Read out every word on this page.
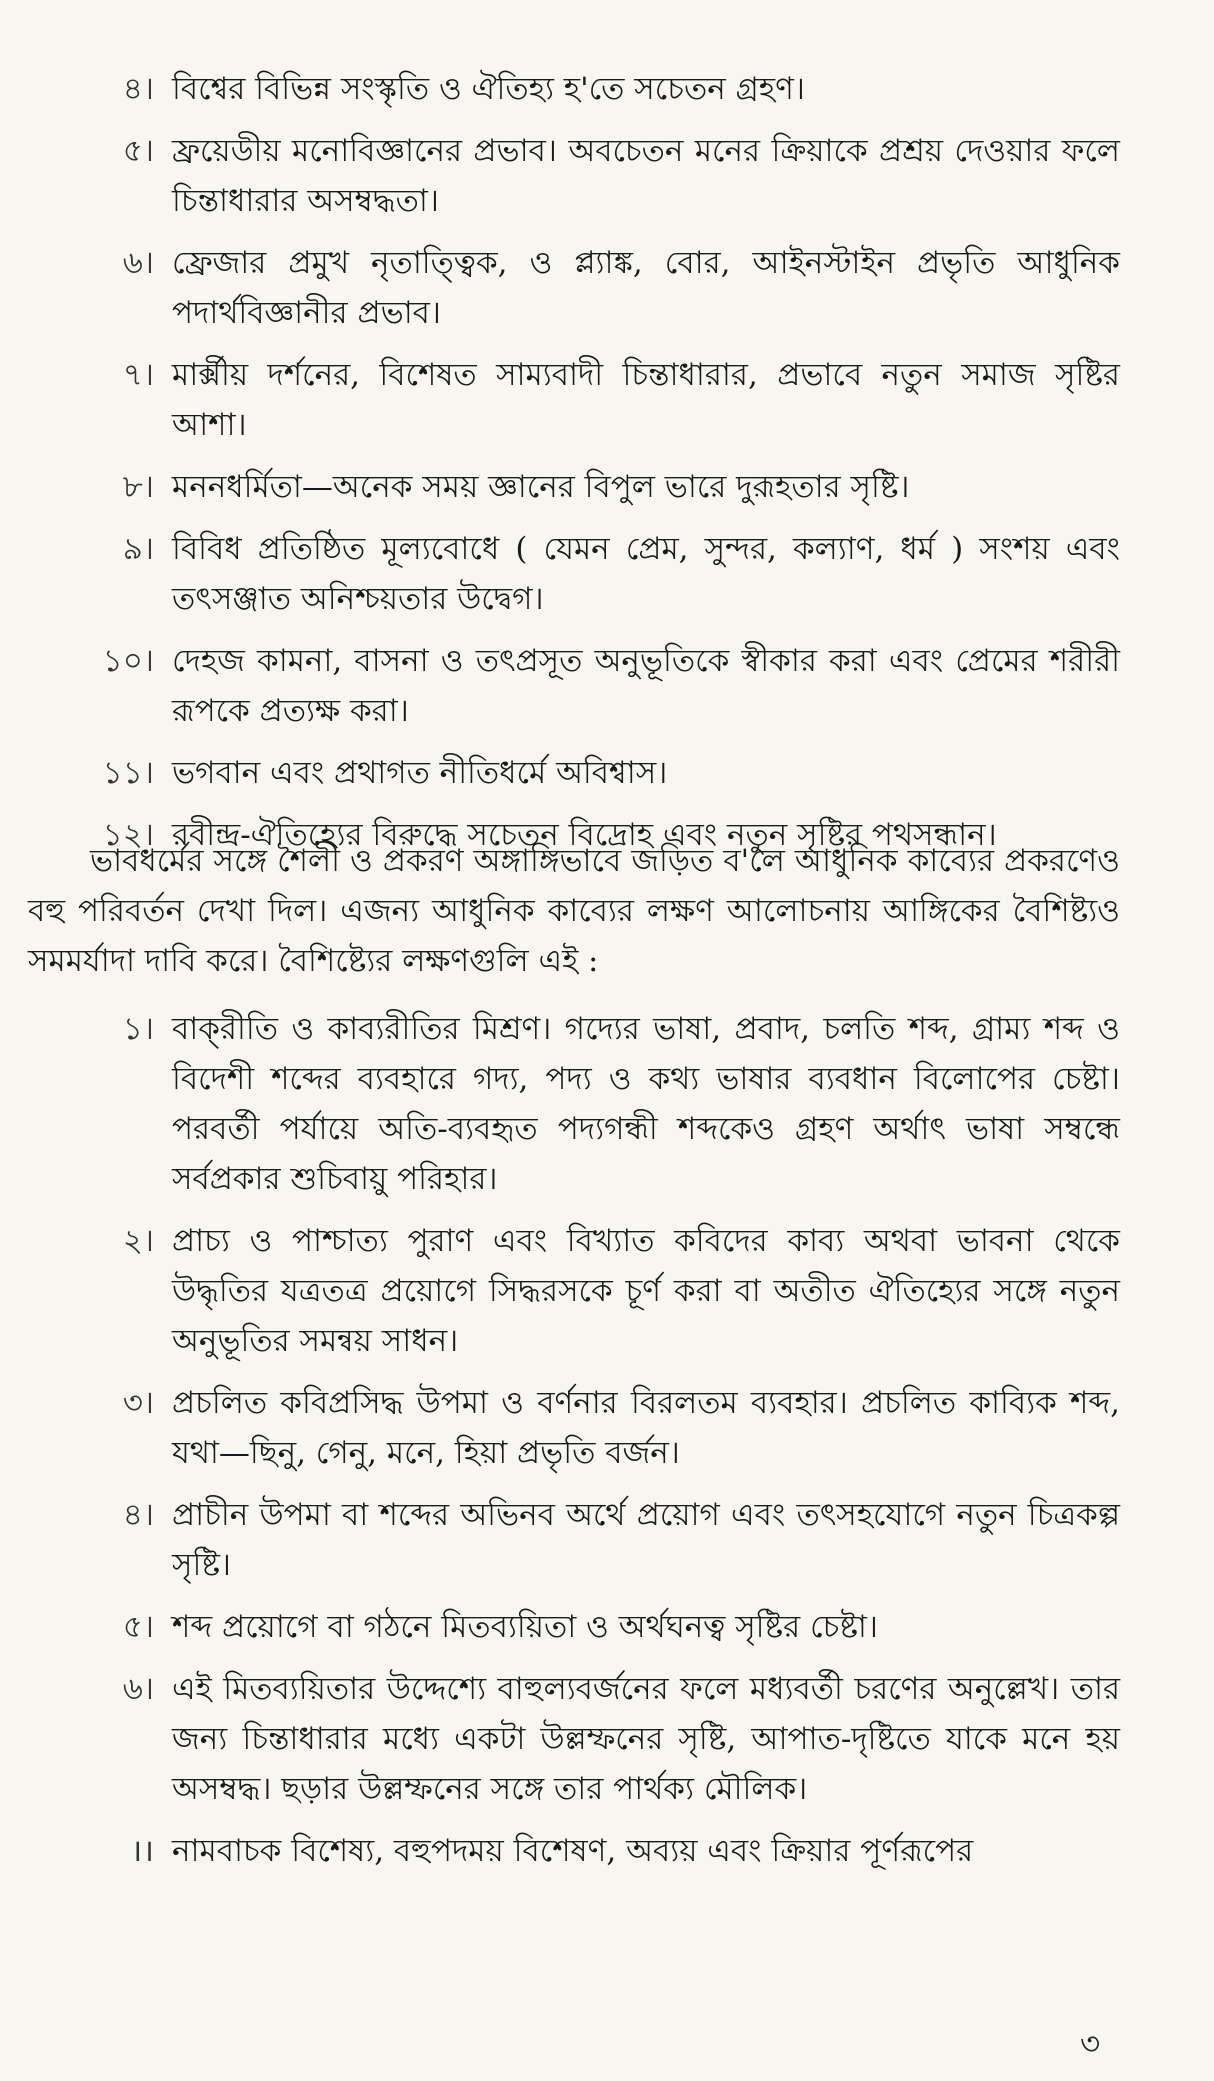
৪। বিশ্বের বিভিন্ন সংস্কৃতি ও ঐতিহ্য হ'তে সচেতন গ্রহণ।
৫। ফ্রয়েডীয় মনোবিজ্ঞানের প্রভাব। অবচেতন মনের ক্রিয়াকে প্রশ্রয় দেওয়ার ফলে চিন্তাধারার অসম্বদ্ধতা।
৬। ফ্রেজার প্রমুখ নৃতাত্ত্বিক, ও প্ল্যাঙ্ক, বোর, আইনস্টাইন প্রভৃতি আধুনিক পদার্থবিজ্ঞানীর প্রভাব।
৭। মার্ক্সীয় দর্শনের, বিশেষত সাম্যবাদী চিন্তাধারার, প্রভাবে নতুন সমাজ সৃষ্টির আশা।
৮। মননধর্মিতা—অনেক সময় জ্ঞানের বিপুল ভারে দুরূহতার সৃষ্টি।
৯। বিবিধ প্রতিষ্ঠিত মূল্যবোধে ( যেমন প্রেম, সুন্দর, কল্যাণ, ধর্ম ) সংশয় এবং তৎসঞ্জাত অনিশ্চয়তার উদ্বেগ।
১০। দেহজ কামনা, বাসনা ও তৎপ্রসূত অনুভূতিকে স্বীকার করা এবং প্রেমের শরীরী রূপকে প্রত্যক্ষ করা।
১১। ভগবান এবং প্রথাগত নীতিধর্মে অবিশ্বাস।
১২। রবীন্দ্র-ঐতিহ্যের বিরুদ্ধে সচেতন বিদ্রোহ এবং নতুন সৃষ্টির পথসন্ধান।
ভাবধর্মের সঙ্গে শৈলী ও প্রকরণ অঙ্গাঙ্গিভাবে জড়িত ব'লে আধুনিক কাব্যের প্রকরণেও বহু পরিবর্তন দেখা দিল। এজন্য আধুনিক কাব্যের লক্ষণ আলোচনায় আঙ্গিকের বৈশিষ্ট্যও সমমর্যাদা দাবি করে। বৈশিষ্ট্যের লক্ষণগুলি এই :
১। বাক্‌রীতি ও কাব্যরীতির মিশ্রণ। গদ্যের ভাষা, প্রবাদ, চলতি শব্দ, গ্রাম্য শব্দ ও বিদেশী শব্দের ব্যবহারে গদ্য, পদ্য ও কথ্য ভাষার ব্যবধান বিলোপের চেষ্টা। পরবর্তী পর্যায়ে অতি-ব্যবহৃত পদ্যগন্ধী শব্দকেও গ্রহণ অর্থাৎ ভাষা সম্বন্ধে সর্বপ্রকার শুচিবায়ু পরিহার।
২। প্রাচ্য ও পাশ্চাত্য পুরাণ এবং বিখ্যাত কবিদের কাব্য অথবা ভাবনা থেকে উদ্ধৃতির যত্রতত্র প্রয়োগে সিদ্ধরসকে চূর্ণ করা বা অতীত ঐতিহ্যের সঙ্গে নতুন অনুভূতির সমন্বয় সাধন।
৩। প্রচলিত কবিপ্রসিদ্ধ উপমা ও বর্ণনার বিরলতম ব্যবহার। প্রচলিত কাব্যিক শব্দ, যথা—ছিনু, গেনু, মনে, হিয়া প্রভৃতি বর্জন।
৪। প্রাচীন উপমা বা শব্দের অভিনব অর্থে প্রয়োগ এবং তৎসহযোগে নতুন চিত্রকল্প সৃষ্টি।
৫। শব্দ প্রয়োগে বা গঠনে মিতব্যয়িতা ও অর্থঘনত্ব সৃষ্টির চেষ্টা।
৬। এই মিতব্যয়িতার উদ্দেশ্যে বাহুল্যবর্জনের ফলে মধ্যবর্তী চরণের অনুল্লেখ। তার জন্য চিন্তাধারার মধ্যে একটা উল্লম্ফনের সৃষ্টি, আপাত-দৃষ্টিতে যাকে মনে হয় অসম্বদ্ধ। ছড়ার উল্লম্ফনের সঙ্গে তার পার্থক্য মৌলিক।
।। নামবাচক বিশেষ্য, বহুপদময় বিশেষণ, অব্যয় এবং ক্রিয়ার পূর্ণরূপের
৩
